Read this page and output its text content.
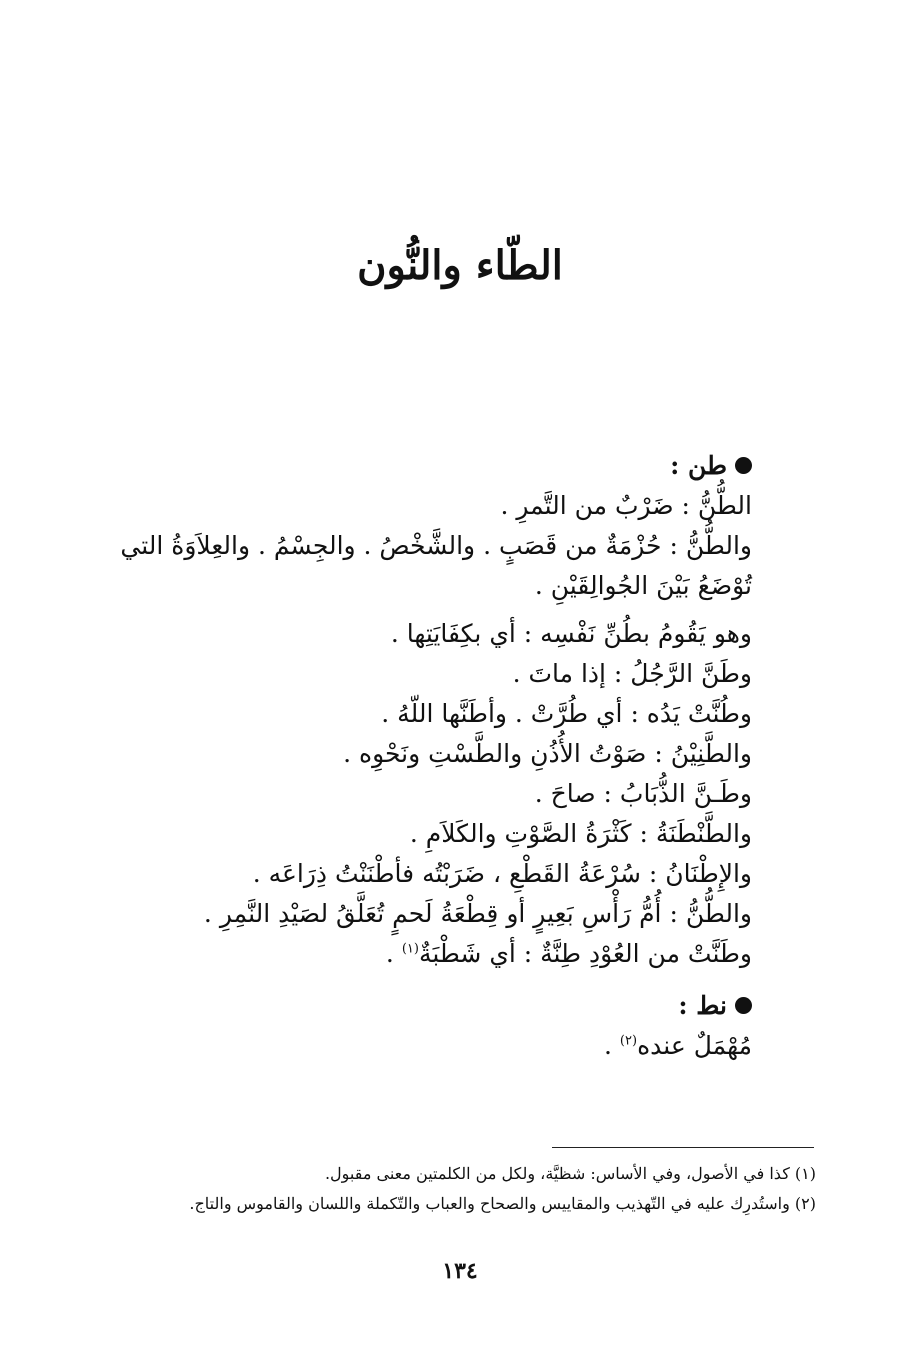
الطّاء والنُّون
طن :
الطُّنُّ : ضَرْبٌ من التَّمرِ .
والطُّنُّ : حُزْمَةٌ من قَصَبٍ . والشَّخْصُ . والجِسْمُ . والعِلاَوَةُ التي تُوْضَعُ بَيْنَ الجُوالِقَيْنِ .
وهو يَقُومُ بطُنِّ نَفْسِه : أي بكِفَايَتِها .
وطَنَّ الرَّجُلُ : إذا ماتَ .
وطُنَّتْ يَدُه : أي طُرَّتْ . وأطَنَّها اللّهُ .
والطَّنِيْنُ : صَوْتُ الأُذُنِ والطَّسْتِ ونَحْوِه .
وطَـنَّ الذُّبَابُ : صاحَ .
والطَّنْطَنَةُ : كَثْرَةُ الصَّوْتِ والكَلاَمِ .
والإِطْنَانُ : سُرْعَةُ القَطْعِ ، ضَرَبْتُه فأطْنَنْتُ ذِرَاعَه .
والطُّنُّ : أُمُّ رَأْسِ بَعِيرٍ أو قِطْعَةُ لَحمٍ تُعَلَّقُ لصَيْدِ النَّمِرِ .
وطَنَّتْ من العُوْدِ طِنَّةٌ : أي شَطْبَةٌ$^{(١)}$ .
نط :
مُهْمَلٌ عنده$^{(٢)}$ .
(١) كذا في الأصول، وفي الأساس: شظيَّة، ولكل من الكلمتين معنى مقبول.
(٢) واستُدرِك عليه في التّهذيب والمقاييس والصحاح والعباب والتّكملة واللسان والقاموس والتاج.
١٣٤
